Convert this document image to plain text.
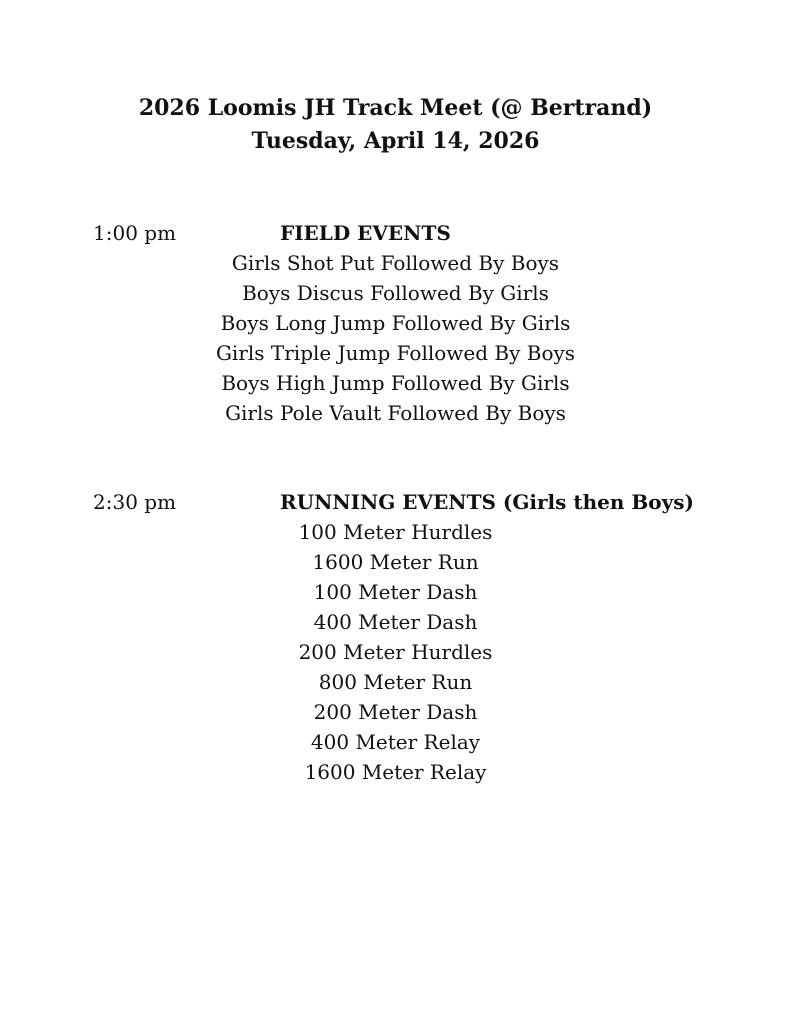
2026 Loomis JH Track Meet (@ Bertrand)
Tuesday, April 14, 2026
1:00 pm	FIELD EVENTS
Girls Shot Put Followed By Boys
Boys Discus Followed By Girls
Boys Long Jump Followed By Girls
Girls Triple Jump Followed By Boys
Boys High Jump Followed By Girls
Girls Pole Vault Followed By Boys
2:30 pm	RUNNING EVENTS (Girls then Boys)
100 Meter Hurdles
1600 Meter Run
100 Meter Dash
400 Meter Dash
200 Meter Hurdles
800 Meter Run
200 Meter Dash
400 Meter Relay
1600 Meter Relay
